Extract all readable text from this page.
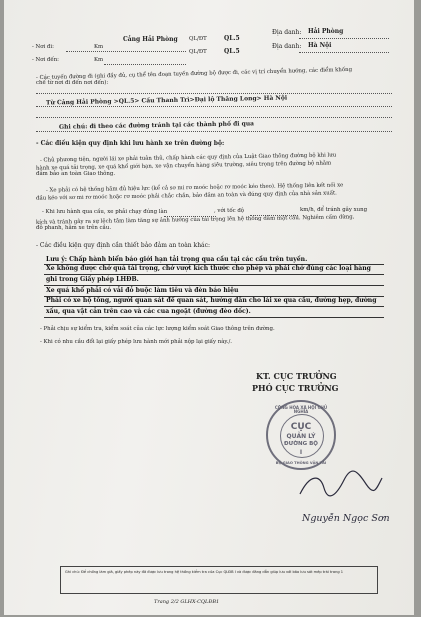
- Nơi đi:	Km
Cảng Hải Phòng QL/ĐT	QL.5
Địa danh: Hải Phòng
- Nơi đến:	Km
QL/ĐT	QL.5
Địa danh: Hà Nội
- Các tuyến đường đi (ghi đầy đủ, cụ thể tên đoạn tuyến đường bộ được đi, các vị trí chuyển hướng, các điểm khống
chế từ nơi đi đến nơi đến):
Từ Cảng Hải Phòng >QL.5> Cầu Thanh Trì>Đại lộ Thăng Long> Hà Nội
Ghi chú: đi theo các đường tránh tại các thành phố đi qua
- Các điều kiện quy định khi lưu hành xe trên đường bộ:
- Chủ phương tiện, người lái xe phải tuân thủ, chấp hành các quy định của Luật Giao thông đường bộ khi lưu
hành xe quá tải trọng, xe quá khổ giới hạn, xe vận chuyển hàng siêu trường, siêu trọng trên đường bộ nhằm
đảm bảo an toàn Giao thông.
- Xe phải có hệ thống hãm đủ hiệu lực (kể cả sơ mi rơ moóc hoặc rơ moóc kéo theo). Hệ thống liên kết nối xe
đầu kéo với sơ mi rơ moóc hoặc rơ moóc phải chắc chắn, bảo đảm an toàn và đúng quy định của nhà sản xuất.
- Khi lưu hành qua cầu, xe phải chạy đúng làn	, với tốc độ	km/h, để tránh gây xung
kích và tránh gây ra sự lệch tâm làm tăng sự ảnh hưởng của tải trọng lên hệ thống dầm mặt cầu. Nghiêm cấm dừng,
đỗ phanh, hãm xe trên cầu.
- Các điều kiện quy định cần thiết bảo đảm an toàn khác:
Lưu ý: Chấp hành biển báo giới hạn tải trọng qua cầu tại các cầu trên tuyến.
Xe không được chở quá tải trọng, chở vượt kích thước cho phép và phải chở đúng các loại hàng
ghi trong Giấy phép LHĐB.
Xe quá khổ phải có vải đỏ buộc làm tiêu và đèn báo hiệu
Phải có xe hộ tống, người quan sát để quan sát, hướng dẫn cho lái xe qua cầu, đường hẹp, đường
xấu, qua vật cản trên cao và các cua ngoặt (đường đèo dốc).
- Phải chịu sự kiểm tra, kiểm soát của các lực lượng kiểm soát Giao thông trên đường.
- Khi có nhu cầu đổi lại giấy phép lưu hành mới phải nộp lại giấy này./.
KT. CỤC TRƯỞNG
PHÓ CỤC TRƯỞNG
CỘNG HÒA XÃ HỘI CHỦ NGHĨA
CỤC
QUẢN LÝ
ĐƯỜNG BỘ
I
BỘ GIAO THÔNG VẬN TẢI
Nguyễn Ngọc Sơn
Ghi chú: Để chống làm giả, giấy phép này đã được lưu trong hệ thống kiểm tra của Cục QLĐB I và được đăng dẫn giúp lưu với bảo lưu sát mép trái trang 1
Trang 2/2 GLHX-CQLĐB1
